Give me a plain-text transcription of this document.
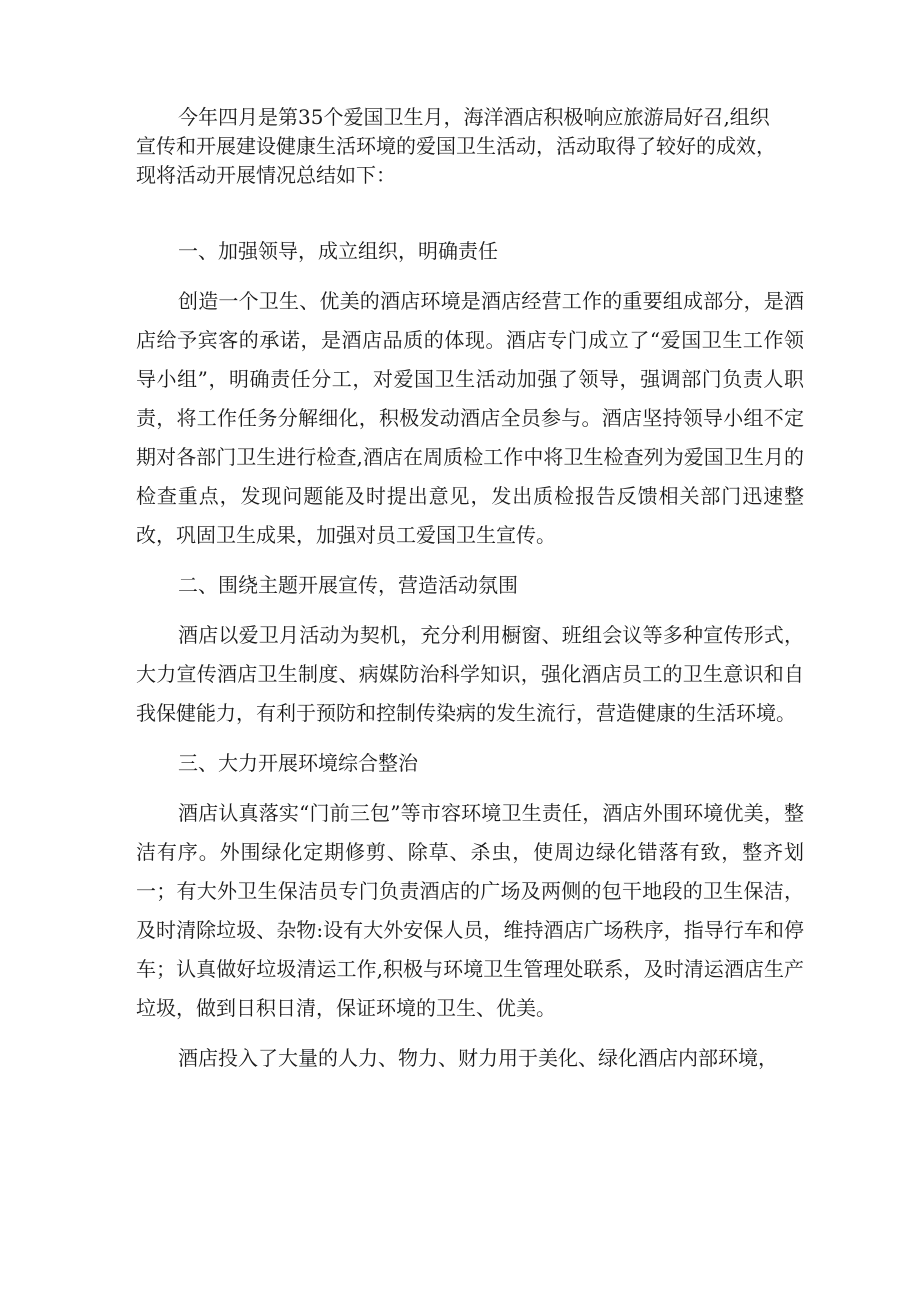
今年四月是第35个爱国卫生月，海洋酒店积极响应旅游局好召,组织宣传和开展建设健康生活环境的爱国卫生活动，活动取得了较好的成效，现将活动开展情况总结如下：

一、加强领导，成立组织，明确责任

创造一个卫生、优美的酒店环境是酒店经营工作的重要组成部分，是酒店给予宾客的承诺，是酒店品质的体现。酒店专门成立了“爱国卫生工作领导小组”，明确责任分工，对爱国卫生活动加强了领导，强调部门负责人职责，将工作任务分解细化，积极发动酒店全员参与。酒店坚持领导小组不定期对各部门卫生进行检查,酒店在周质检工作中将卫生检查列为爱国卫生月的检查重点，发现问题能及时提出意见，发出质检报告反馈相关部门迅速整改，巩固卫生成果，加强对员工爱国卫生宣传。

二、围绕主题开展宣传，营造活动氛围

酒店以爱卫月活动为契机，充分利用橱窗、班组会议等多种宣传形式，大力宣传酒店卫生制度、病媒防治科学知识，强化酒店员工的卫生意识和自我保健能力，有利于预防和控制传染病的发生流行，营造健康的生活环境。

三、大力开展环境综合整治

酒店认真落实“门前三包”等市容环境卫生责任，酒店外围环境优美，整洁有序。外围绿化定期修剪、除草、杀虫，使周边绿化错落有致，整齐划一；有大外卫生保洁员专门负责酒店的广场及两侧的包干地段的卫生保洁，及时清除垃圾、杂物:设有大外安保人员，维持酒店广场秩序，指导行车和停车；认真做好垃圾清运工作,积极与环境卫生管理处联系，及时清运酒店生产垃圾，做到日积日清，保证环境的卫生、优美。

酒店投入了大量的人力、物力、财力用于美化、绿化酒店内部环境，
